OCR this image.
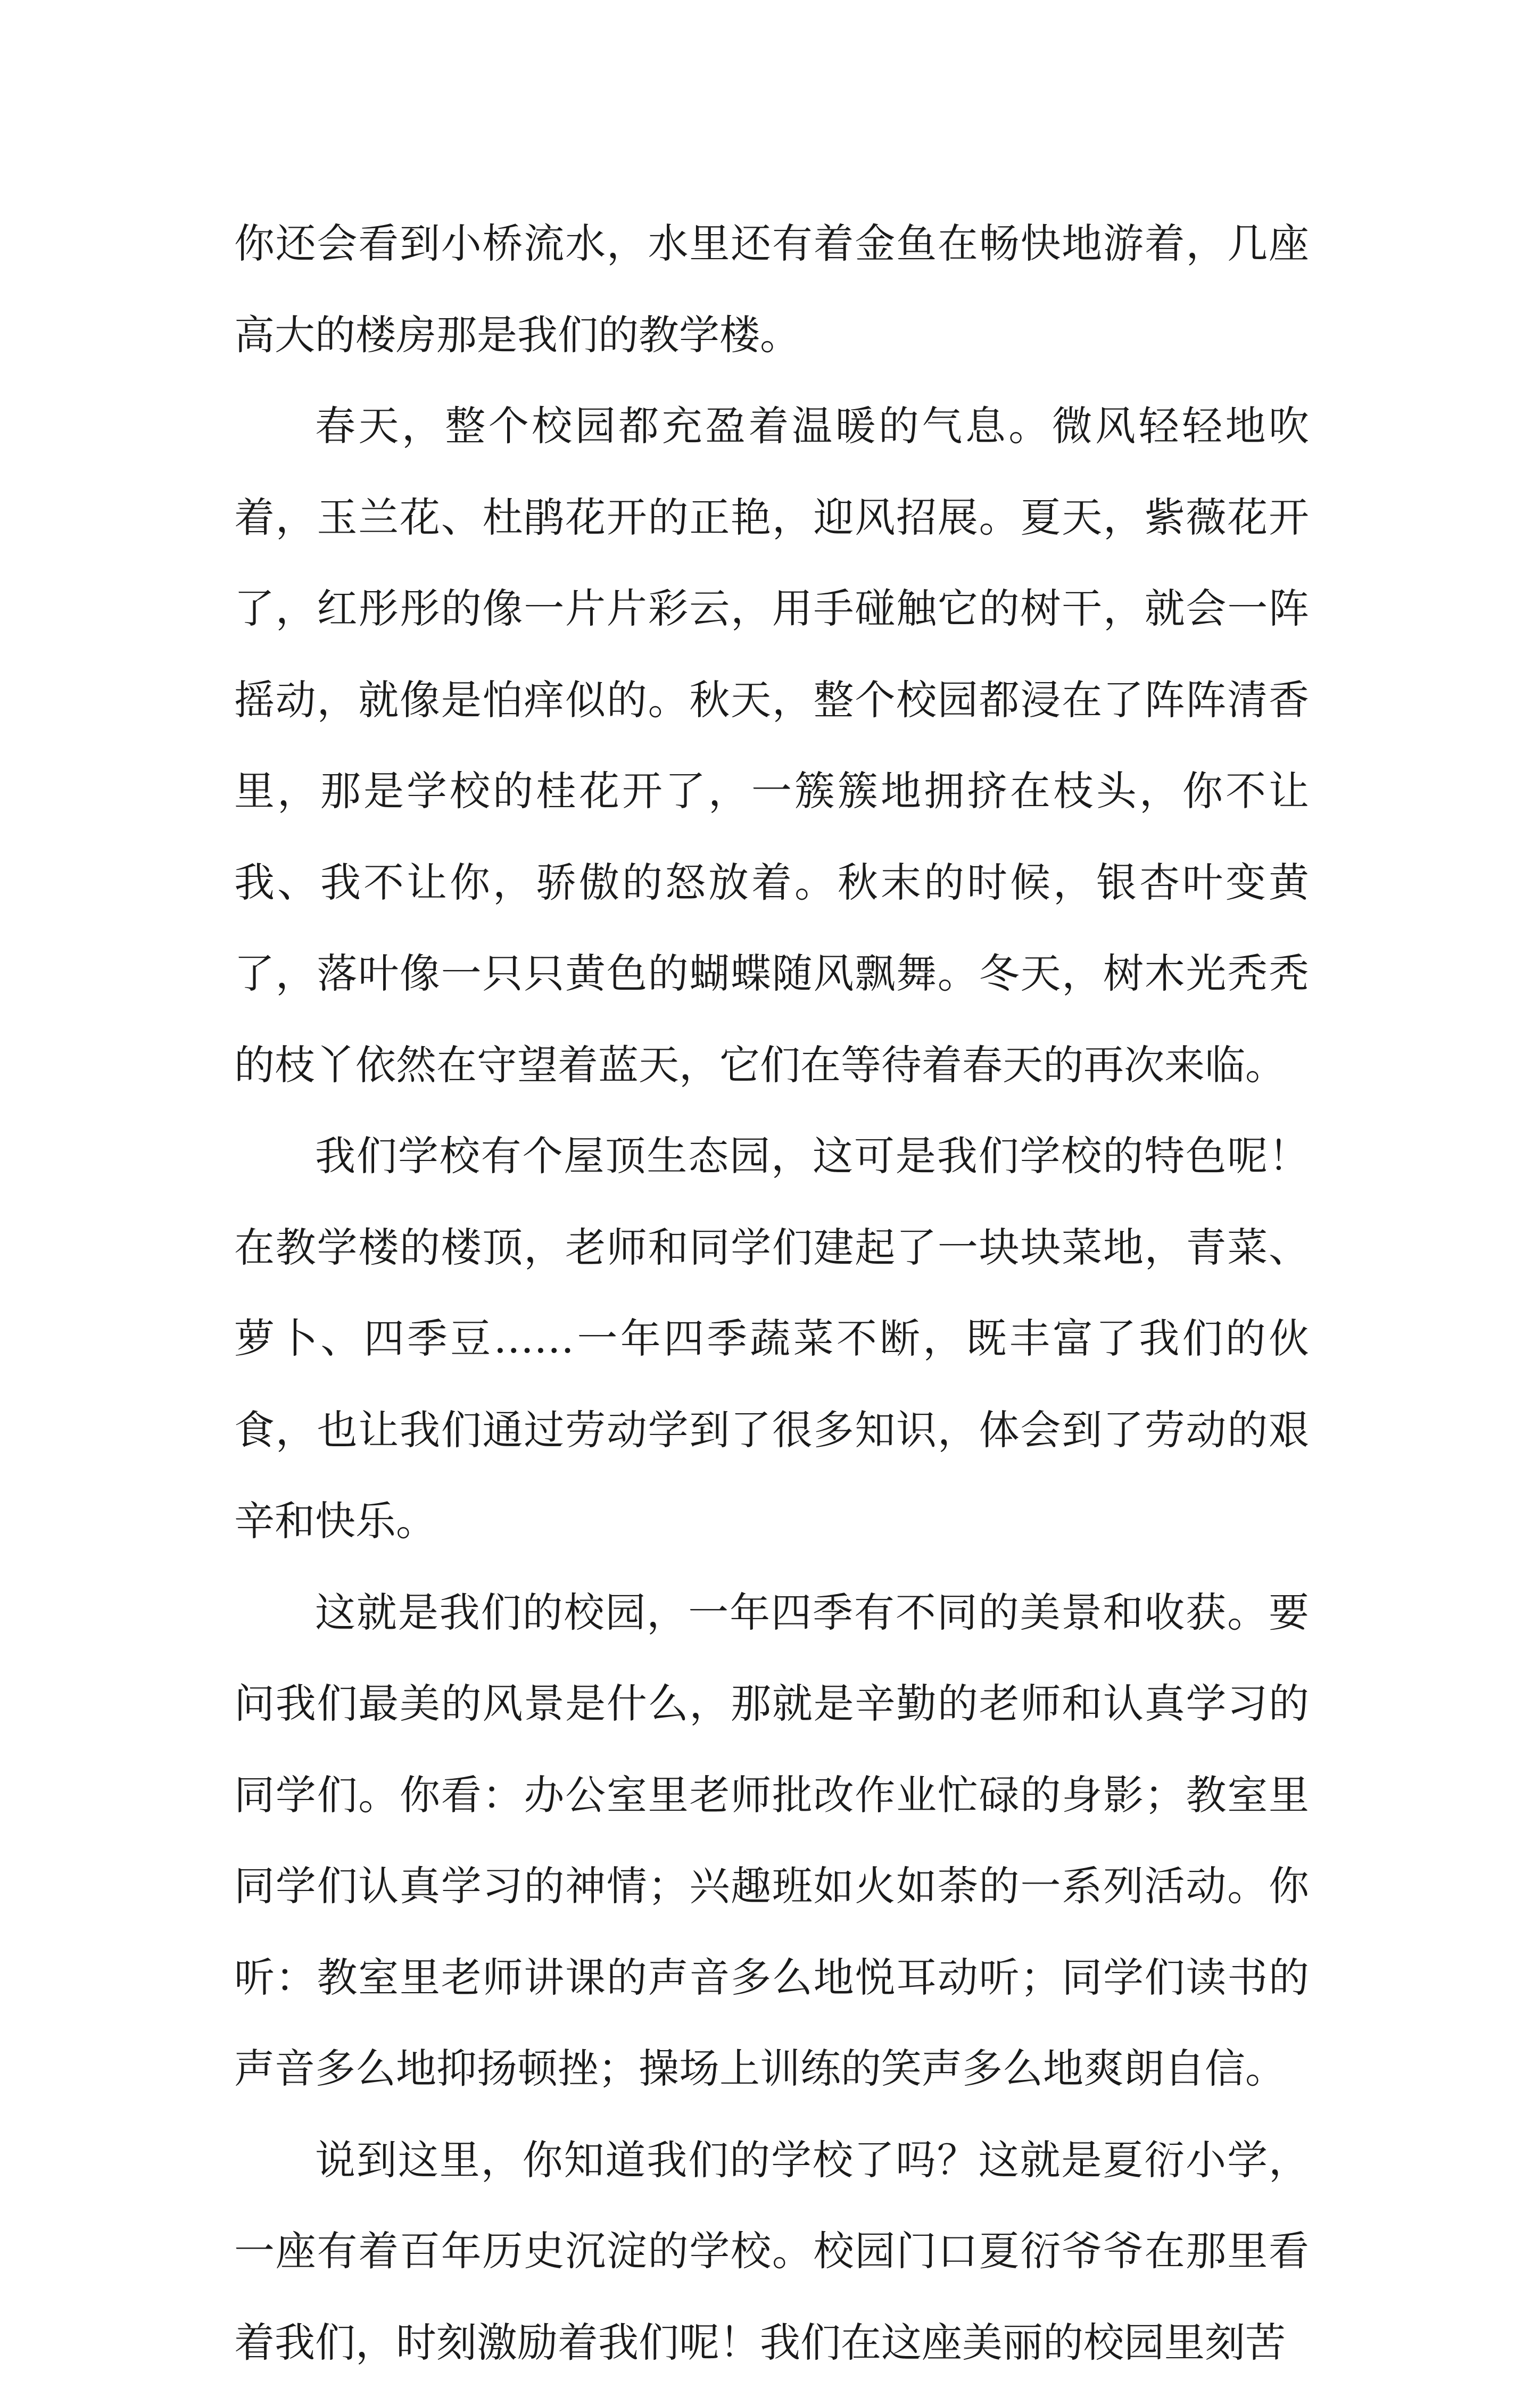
你还会看到小桥流水，水里还有着金鱼在畅快地游着，几座高大的楼房那是我们的教学楼。

春天，整个校园都充盈着温暖的气息。微风轻轻地吹着，玉兰花、杜鹃花开的正艳，迎风招展。夏天，紫薇花开了，红彤彤的像一片片彩云，用手碰触它的树干，就会一阵摇动，就像是怕痒似的。秋天，整个校园都浸在了阵阵清香里，那是学校的桂花开了，一簇簇地拥挤在枝头，你不让我、我不让你，骄傲的怒放着。秋末的时候，银杏叶变黄了，落叶像一只只黄色的蝴蝶随风飘舞。冬天，树木光秃秃的枝丫依然在守望着蓝天，它们在等待着春天的再次来临。

我们学校有个屋顶生态园，这可是我们学校的特色呢！在教学楼的楼顶，老师和同学们建起了一块块菜地，青菜、萝卜、四季豆……一年四季蔬菜不断，既丰富了我们的伙食，也让我们通过劳动学到了很多知识，体会到了劳动的艰辛和快乐。

这就是我们的校园，一年四季有不同的美景和收获。要问我们最美的风景是什么，那就是辛勤的老师和认真学习的同学们。你看：办公室里老师批改作业忙碌的身影；教室里同学们认真学习的神情；兴趣班如火如荼的一系列活动。你听：教室里老师讲课的声音多么地悦耳动听；同学们读书的声音多么地抑扬顿挫；操场上训练的笑声多么地爽朗自信。

说到这里，你知道我们的学校了吗？这就是夏衍小学，一座有着百年历史沉淀的学校。校园门口夏衍爷爷在那里看着我们，时刻激励着我们呢！我们在这座美丽的校园里刻苦
